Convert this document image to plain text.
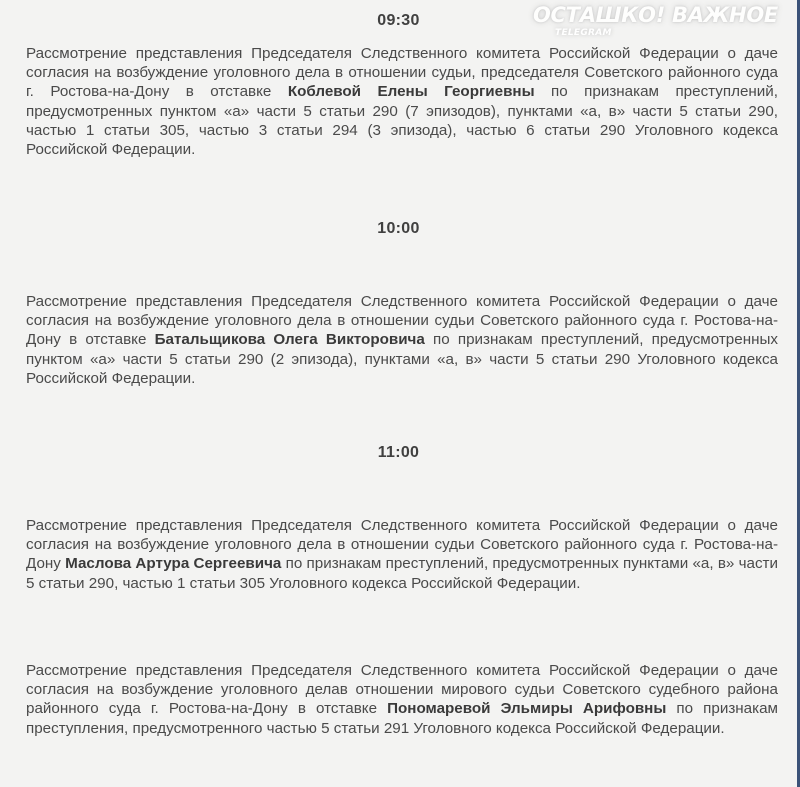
ОСТАШКО! ВАЖНОЕ
TELEGRAM
09:30
Рассмотрение представления Председателя Следственного комитета Российской Федерации о даче согласия на возбуждение уголовного дела в отношении судьи, председателя Советского районного суда г. Ростова-на-Дону в отставке Коблевой Елены Георгиевны по признакам преступлений, предусмотренных пунктом «а» части 5 статьи 290 (7 эпизодов), пунктами «а, в» части 5 статьи 290, частью 1 статьи 305, частью 3 статьи 294 (3 эпизода), частью 6 статьи 290 Уголовного кодекса Российской Федерации.
10:00
Рассмотрение представления Председателя Следственного комитета Российской Федерации о даче согласия на возбуждение уголовного дела в отношении судьи Советского районного суда г. Ростова-на-Дону в отставке Батальщикова Олега Викторовича по признакам преступлений, предусмотренных пунктом «а» части 5 статьи 290 (2 эпизода), пунктами «а, в» части 5 статьи 290 Уголовного кодекса Российской Федерации.
11:00
Рассмотрение представления Председателя Следственного комитета Российской Федерации о даче согласия на возбуждение уголовного дела в отношении судьи Советского районного суда г. Ростова-на-Дону Маслова Артура Сергеевича по признакам преступлений, предусмотренных пунктами «а, в» части 5 статьи 290, частью 1 статьи 305 Уголовного кодекса Российской Федерации.
Рассмотрение представления Председателя Следственного комитета Российской Федерации о даче согласия на возбуждение уголовного делав отношении мирового судьи Советского судебного района районного суда г. Ростова-на-Дону в отставке Пономаревой Эльмиры Арифовны по признакам преступления, предусмотренного частью 5 статьи 291 Уголовного кодекса Российской Федерации.
